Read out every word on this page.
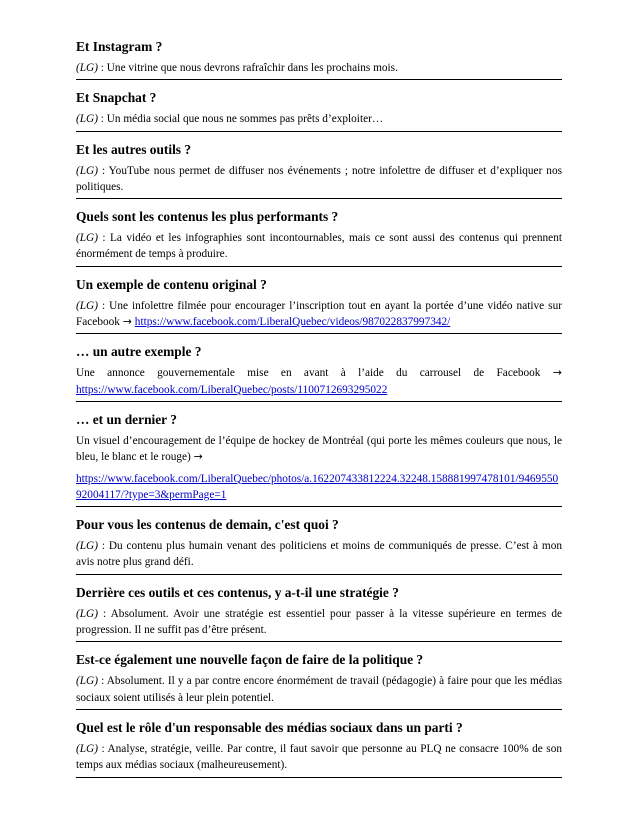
Et Instagram ?

(LG) : Une vitrine que nous devrons rafraîchir dans les prochains mois.

Et Snapchat ?

(LG) : Un média social que nous ne sommes pas prêts d’exploiter…

Et les autres outils ?

(LG) : YouTube nous permet de diffuser nos événements ; notre infolettre de diffuser et d’expliquer nos politiques.

Quels sont les contenus les plus performants ?

(LG) : La vidéo et les infographies sont incontournables, mais ce sont aussi des contenus qui prennent énormément de temps à produire.

Un exemple de contenu original ?

(LG) : Une infolettre filmée pour encourager l’inscription tout en ayant la portée d’une vidéo native sur Facebook → https://www.facebook.com/LiberalQuebec/videos/987022837997342/

… un autre exemple ?

Une annonce gouvernementale mise en avant à l’aide du carrousel de Facebook → https://www.facebook.com/LiberalQuebec/posts/1100712693295022

… et un dernier ?

Un visuel d’encouragement de l’équipe de hockey de Montréal (qui porte les mêmes couleurs que nous, le bleu, le blanc et le rouge) →

https://www.facebook.com/LiberalQuebec/photos/a.162207433812224.32248.158881997478101/946955092004117/?type=3&permPage=1

Pour vous les contenus de demain, c'est quoi ?

(LG) : Du contenu plus humain venant des politiciens et moins de communiqués de presse. C’est à mon avis notre plus grand défi.

Derrière ces outils et ces contenus, y a-t-il une stratégie ?

(LG) : Absolument. Avoir une stratégie est essentiel pour passer à la vitesse supérieure en termes de progression. Il ne suffit pas d’être présent.

Est-ce également une nouvelle façon de faire de la politique ?

(LG) : Absolument. Il y a par contre encore énormément de travail (pédagogie) à faire pour que les médias sociaux soient utilisés à leur plein potentiel.

Quel est le rôle d'un responsable des médias sociaux dans un parti ?

(LG) : Analyse, stratégie, veille. Par contre, il faut savoir que personne au PLQ ne consacre 100% de son temps aux médias sociaux (malheureusement).
